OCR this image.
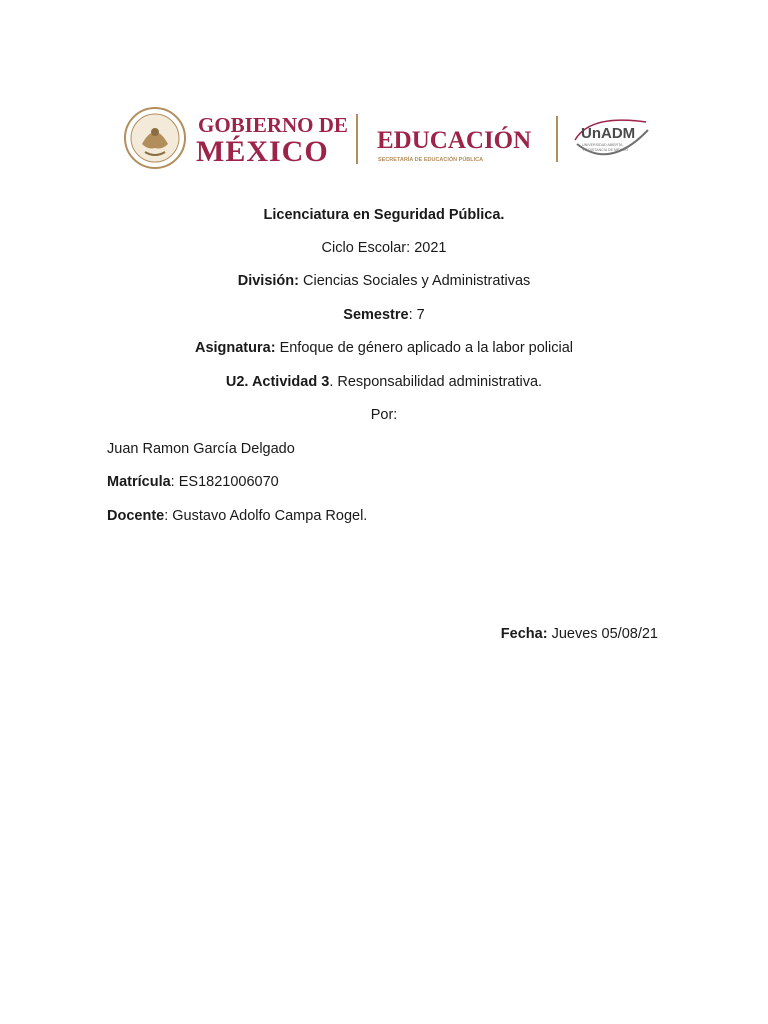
GOBIERNO DE
MÉXICO EDUCACIÓN
SECRETARÍA DE EDUCACIÓN PÚBLICA
UnADM
UNIVERSIDAD ABIERTA
Y A DISTANCIA DE MÉXICO
Licenciatura en Seguridad Pública.
Ciclo Escolar: 2021
División: Ciencias Sociales y Administrativas
Semestre: 7
Asignatura: Enfoque de género aplicado a la labor policial
U2. Actividad 3. Responsabilidad administrativa.
Por:
Juan Ramon García Delgado
Matrícula: ES1821006070
Docente: Gustavo Adolfo Campa Rogel.
Fecha: Jueves 05/08/21
